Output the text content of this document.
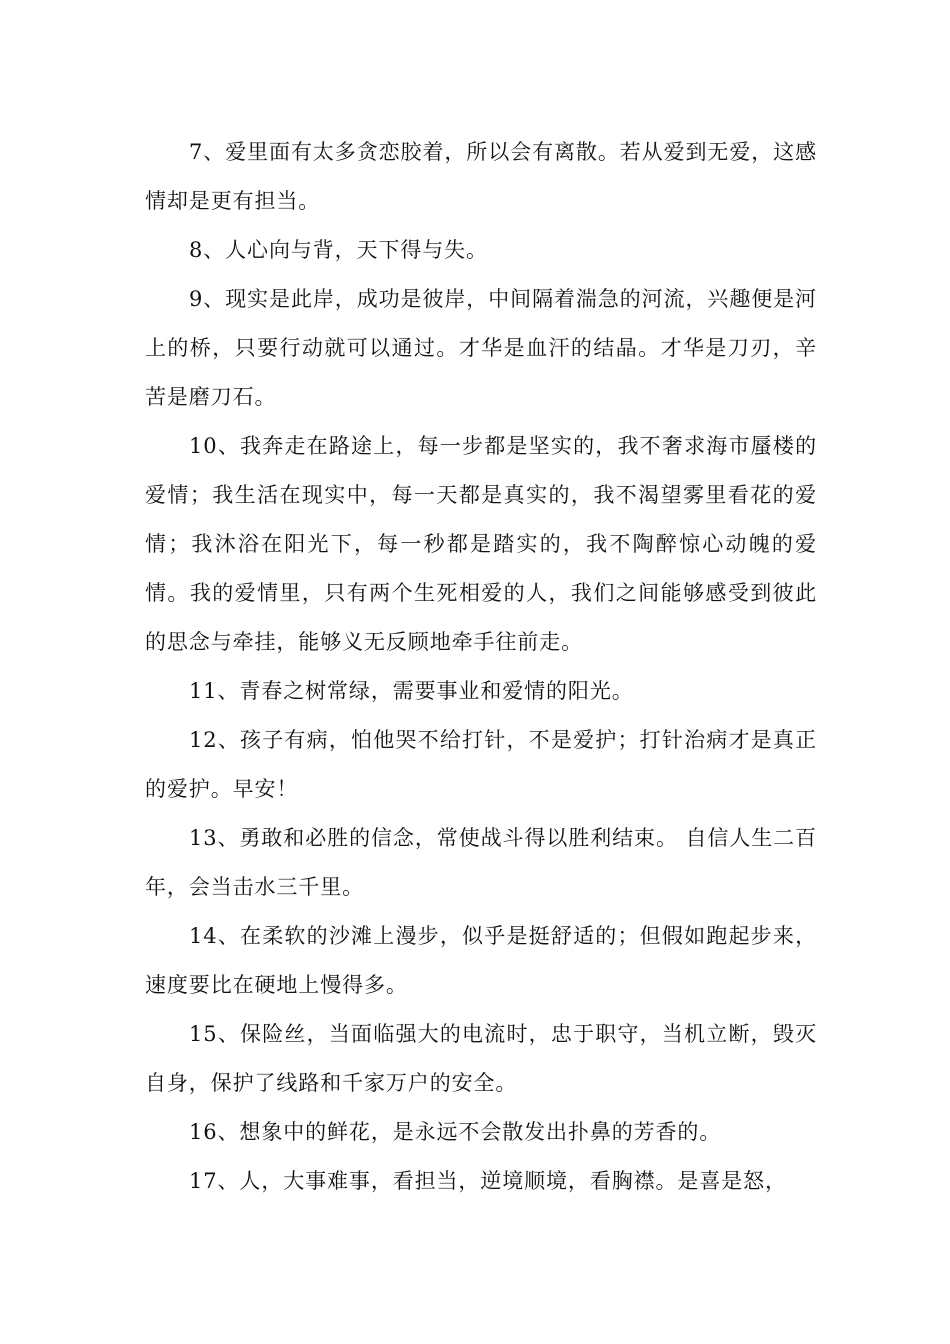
7、爱里面有太多贪恋胶着，所以会有离散。若从爱到无爱，这感情却是更有担当。

8、人心向与背，天下得与失。

9、现实是此岸，成功是彼岸，中间隔着湍急的河流，兴趣便是河上的桥，只要行动就可以通过。才华是血汗的结晶。才华是刀刃，辛苦是磨刀石。

10、我奔走在路途上，每一步都是坚实的，我不奢求海市蜃楼的爱情；我生活在现实中，每一天都是真实的，我不渴望雾里看花的爱情；我沐浴在阳光下，每一秒都是踏实的，我不陶醉惊心动魄的爱情。我的爱情里，只有两个生死相爱的人，我们之间能够感受到彼此的思念与牵挂，能够义无反顾地牵手往前走。

11、青春之树常绿，需要事业和爱情的阳光。

12、孩子有病，怕他哭不给打针，不是爱护；打针治病才是真正的爱护。早安！

13、勇敢和必胜的信念，常使战斗得以胜利结束。 自信人生二百年，会当击水三千里。

14、在柔软的沙滩上漫步，似乎是挺舒适的；但假如跑起步来，速度要比在硬地上慢得多。

15、保险丝，当面临强大的电流时，忠于职守，当机立断，毁灭自身，保护了线路和千家万户的安全。

16、想象中的鲜花，是永远不会散发出扑鼻的芳香的。

17、人，大事难事，看担当，逆境顺境，看胸襟。是喜是怒，
